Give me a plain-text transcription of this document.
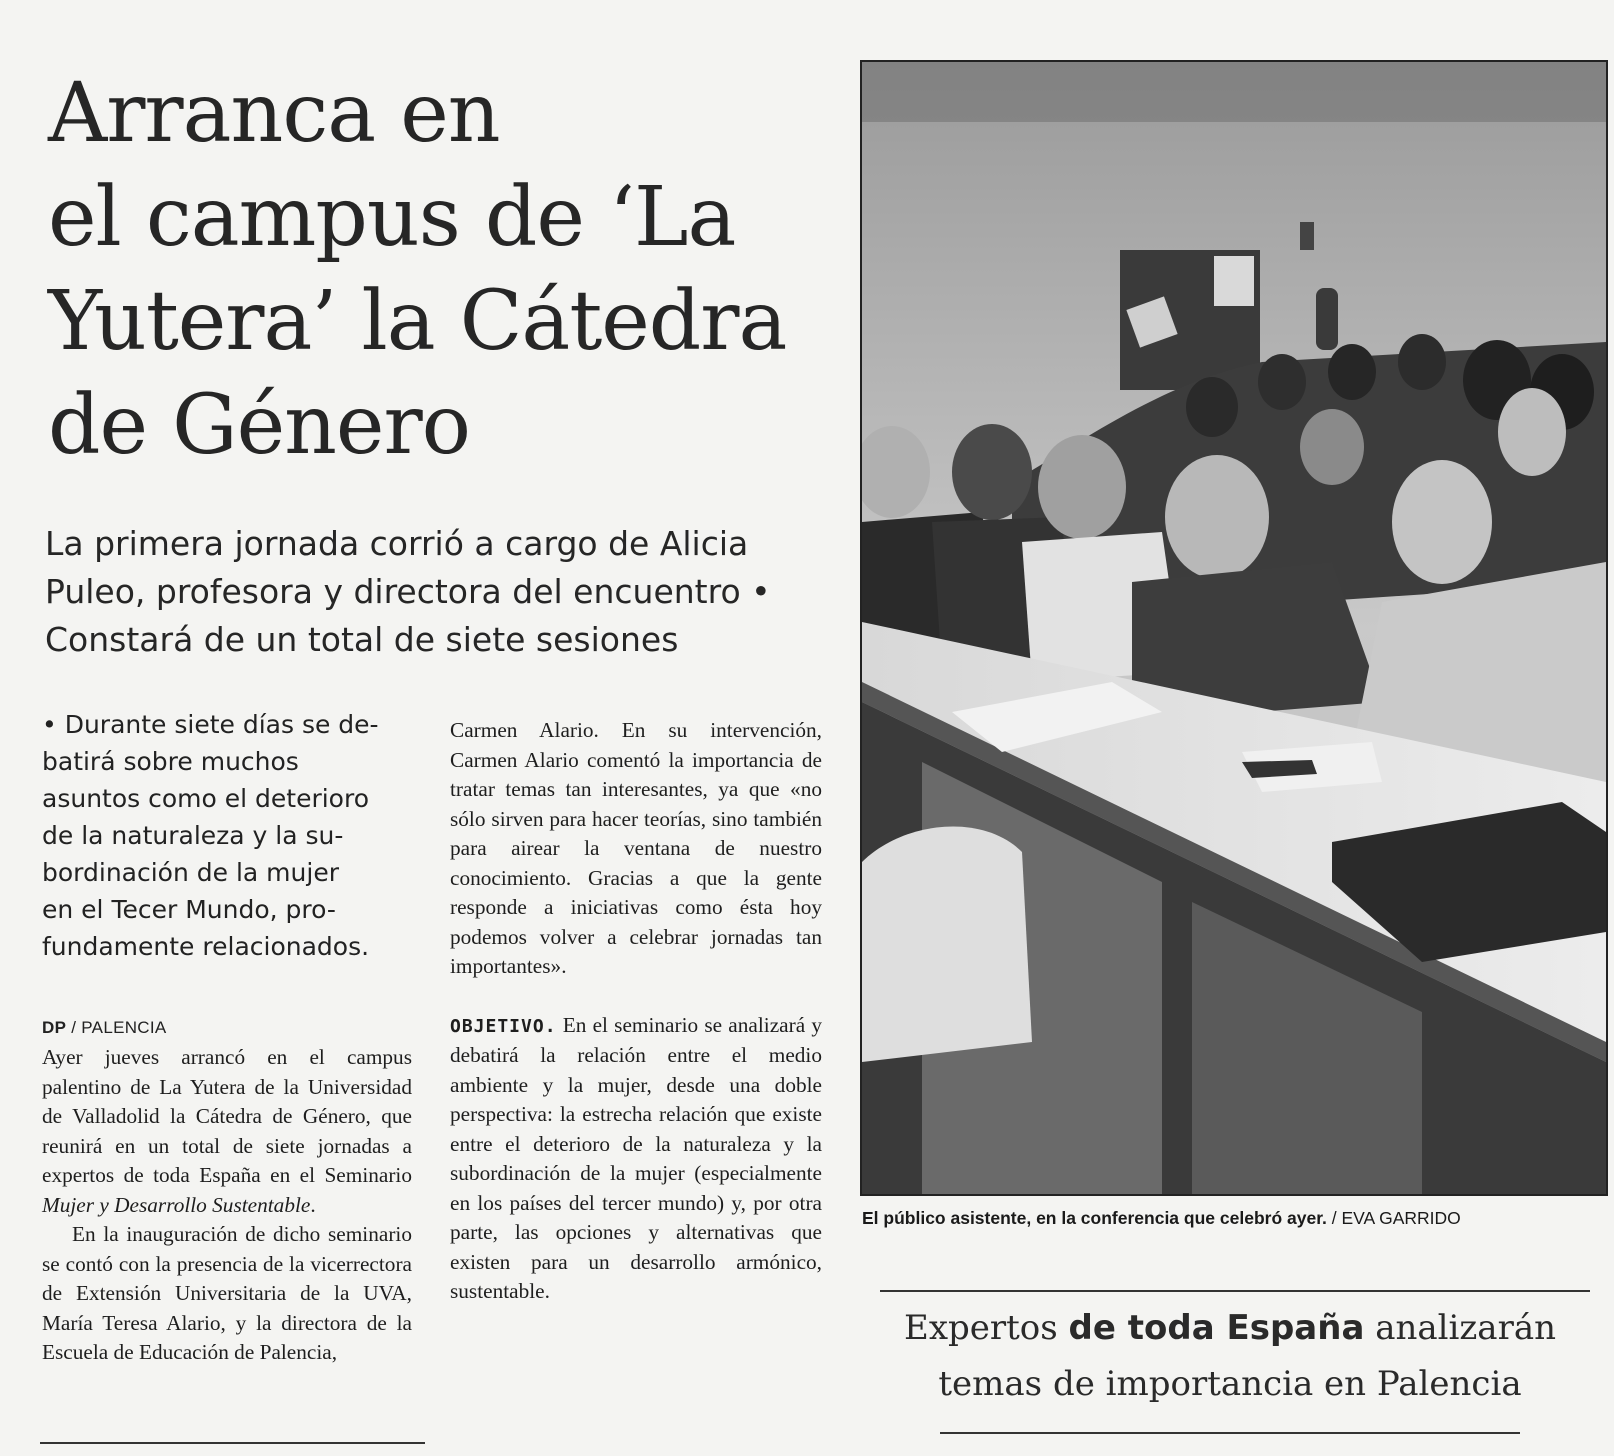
Arranca en
el campus de ‘La
Yutera’ la Cátedra
de Género
La primera jornada corrió a cargo de Alicia
Puleo, profesora y directora del encuentro •
Constará de un total de siete sesiones
• Durante siete días se de-
batirá sobre muchos
asuntos como el deterioro
de la naturaleza y la su-
bordinación de la mujer
en el Tecer Mundo, pro-
fundamente relacionados.
DP / PALENCIA

Ayer jueves arrancó en el campus palentino de La Yutera de la Universidad de Valladolid la Cátedra de Género, que reunirá en un total de siete jornadas a expertos de toda España en el Seminario Mujer y Desarrollo Sustentable.

En la inauguración de dicho seminario se contó con la presencia de la vicerrectora de Extensión Universitaria de la UVA, María Teresa Alario, y la directora de la Escuela de Educación de Palencia,

Carmen Alario. En su intervención, Carmen Alario comentó la importancia de tratar temas tan interesantes, ya que «no sólo sirven para hacer teorías, sino también para airear la ventana de nuestro conocimiento. Gracias a que la gente responde a iniciativas como ésta hoy podemos volver a celebrar jornadas tan importantes».

OBJETIVO. En el seminario se analizará y debatirá la relación entre el medio ambiente y la mujer, desde una doble perspectiva: la estrecha relación que existe entre el deterioro de la naturaleza y la subordinación de la mujer (especialmente en los países del tercer mundo) y, por otra parte, las opciones y alternativas que existen para un desarrollo armónico, sustentable.

El público asistente, en la conferencia que celebró ayer. / EVA GARRIDO
Expertos de toda España analizarán
temas de importancia en Palencia
